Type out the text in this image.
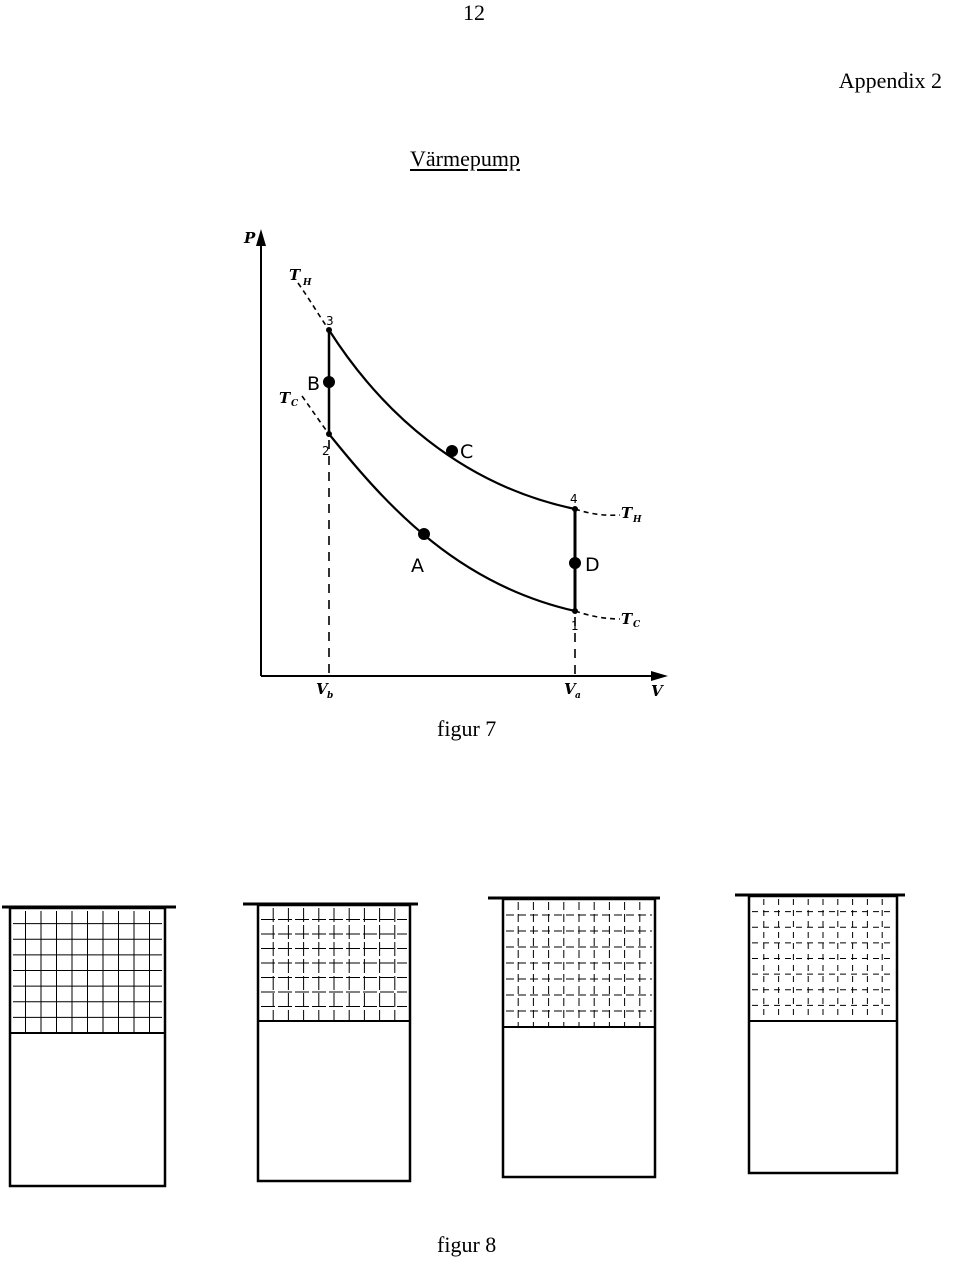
12
Appendix 2
Värmepump
P
V
T H
T C
T H
T C
V b	V a
1
2
3
4
A
B
C
D
figur 7
figur 8
